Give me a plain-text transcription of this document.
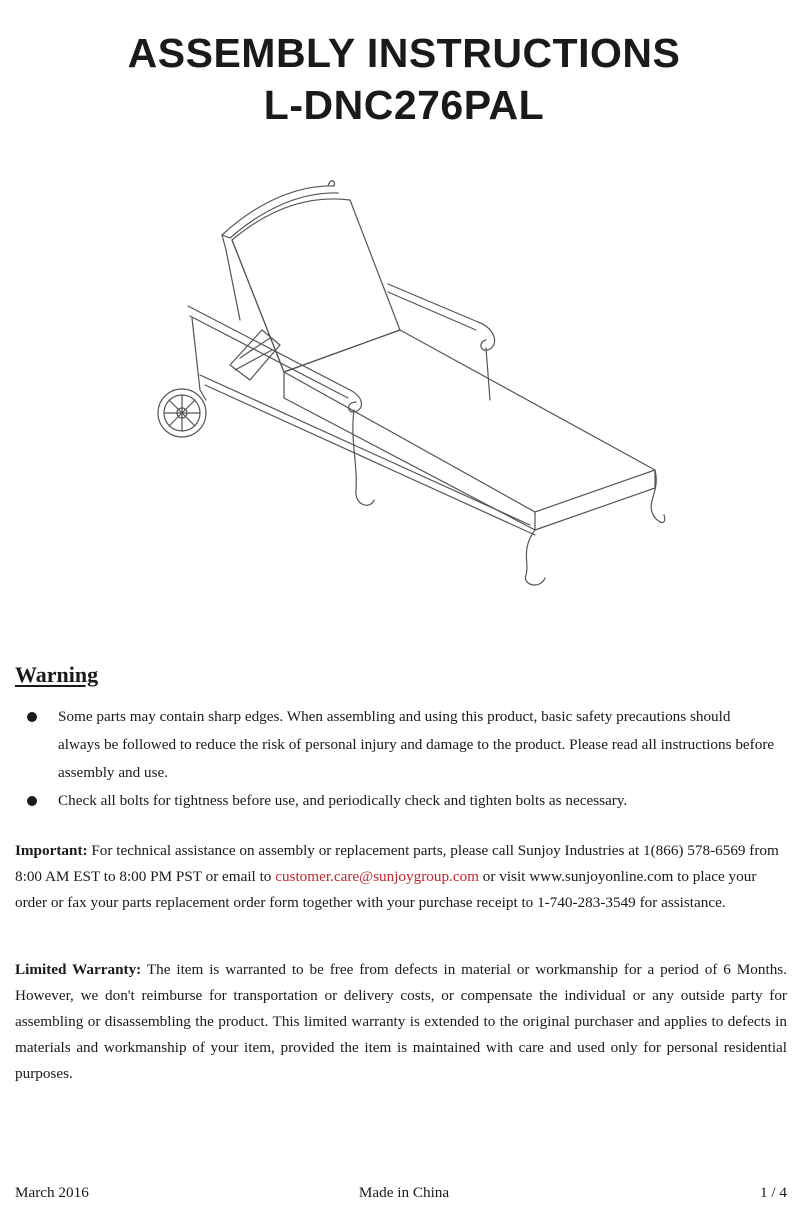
ASSEMBLY INSTRUCTIONS
L-DNC276PAL
Warning
Some parts may contain sharp edges. When assembling and using this product, basic safety precautions should always be followed to reduce the risk of personal injury and damage to the product. Please read all instructions before assembly and use.
Check all bolts for tightness before use, and periodically check and tighten bolts as necessary.

Important: For technical assistance on assembly or replacement parts, please call Sunjoy Industries at 1(866) 578-6569 from 8:00 AM EST to 8:00 PM PST or email to customer.care@sunjoygroup.com or visit www.sunjoyonline.com to place your order or fax your parts replacement order form together with your purchase receipt to 1-740-283-3549 for assistance.

Limited Warranty: The item is warranted to be free from defects in material or workmanship for a period of 6 Months. However, we don't reimburse for transportation or delivery costs, or compensate the individual or any outside party for assembling or disassembling the product. This limited warranty is extended to the original purchaser and applies to defects in materials and workmanship of your item, provided the item is maintained with care and used only for personal residential purposes.

March 2016	Made in China	1 / 4
